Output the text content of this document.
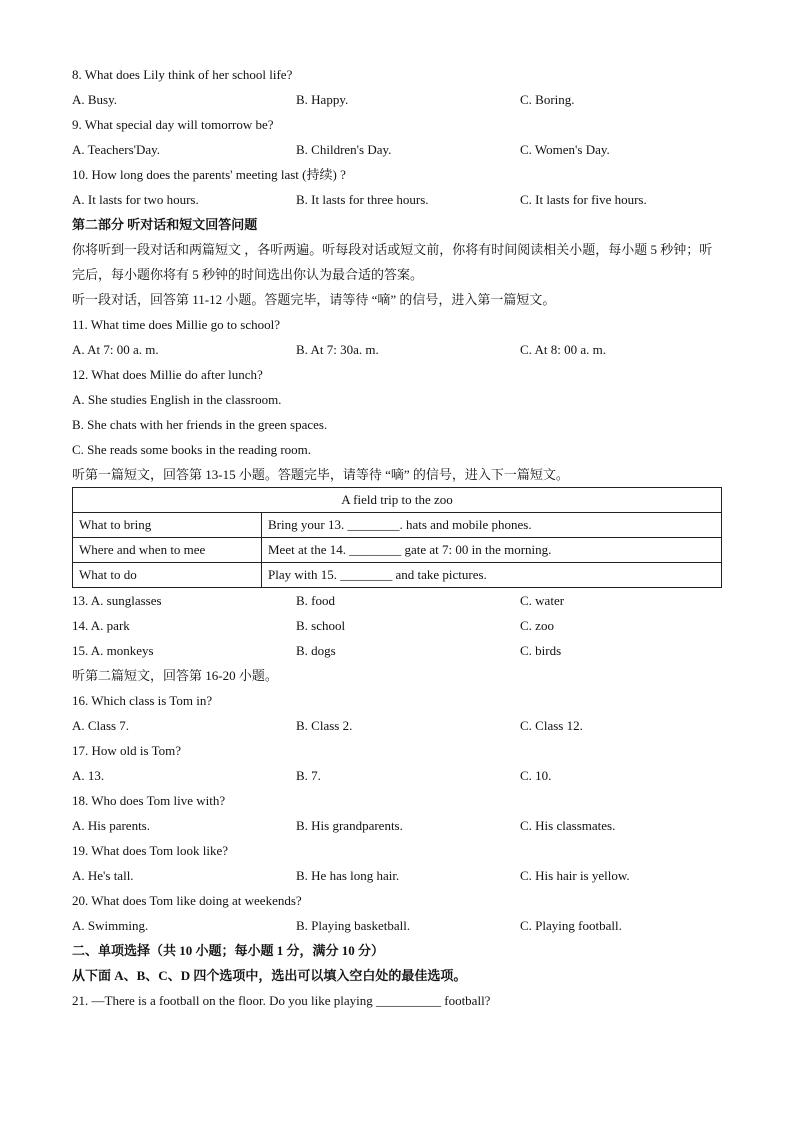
8. What does Lily think of her school life?
A. Busy.	B. Happy.	C. Boring.
9. What special day will tomorrow be?
A. Teachers'Day.	B. Children's Day.	C. Women's Day.
10. How long does the parents' meeting last (持续) ?
A. It lasts for two hours.	B. It lasts for three hours.	C. It lasts for five hours.
第二部分 听对话和短文回答问题
你将听到一段对话和两篇短文 ，各听两遍。听每段对话或短文前，你将有时间阅读相关小题，每小题 5 秒钟；听完后，每小题你将有 5 秒钟的时间选出你认为最合适的答案。
听一段对话，回答第 11-12 小题。答题完毕，请等待 “嘀” 的信号，进入第一篇短文。
11. What time does Millie go to school?
A. At 7: 00 a. m.	B. At 7: 30a. m.	C. At 8: 00 a. m.
12. What does Millie do after lunch?
A. She studies English in the classroom.
B. She chats with her friends in the green spaces.
C. She reads some books in the reading room.
听第一篇短文，回答第 13-15 小题。答题完毕，请等待 “嘀” 的信号，进入下一篇短文。
A field trip to the zoo	
What to bring	Bring your 13. ________. hats and mobile phones.
Where and when to mee	Meet at the 14. ________ gate at 7: 00 in the morning.
What to do	Play with 15. ________ and take pictures.
13. A. sunglasses	B. food	C. water
14. A. park	B. school	C. zoo
15. A. monkeys	B. dogs	C. birds
听第二篇短文，回答第 16-20 小题。
16. Which class is Tom in?
A. Class 7.	B. Class 2.	C. Class 12.
17. How old is Tom?
A. 13.	B. 7.	C. 10.
18. Who does Tom live with?
A. His parents.	B. His grandparents.	C. His classmates.
19. What does Tom look like?
A. He's tall.	B. He has long hair.	C. His hair is yellow.
20. What does Tom like doing at weekends?
A. Swimming.	B. Playing basketball.	C. Playing football.
二、单项选择（共 10 小题；每小题 1 分，满分 10 分）
从下面 A、B、C、D 四个选项中，选出可以填入空白处的最佳选项。
21. —There is a football on the floor. Do you like playing __________ football?
